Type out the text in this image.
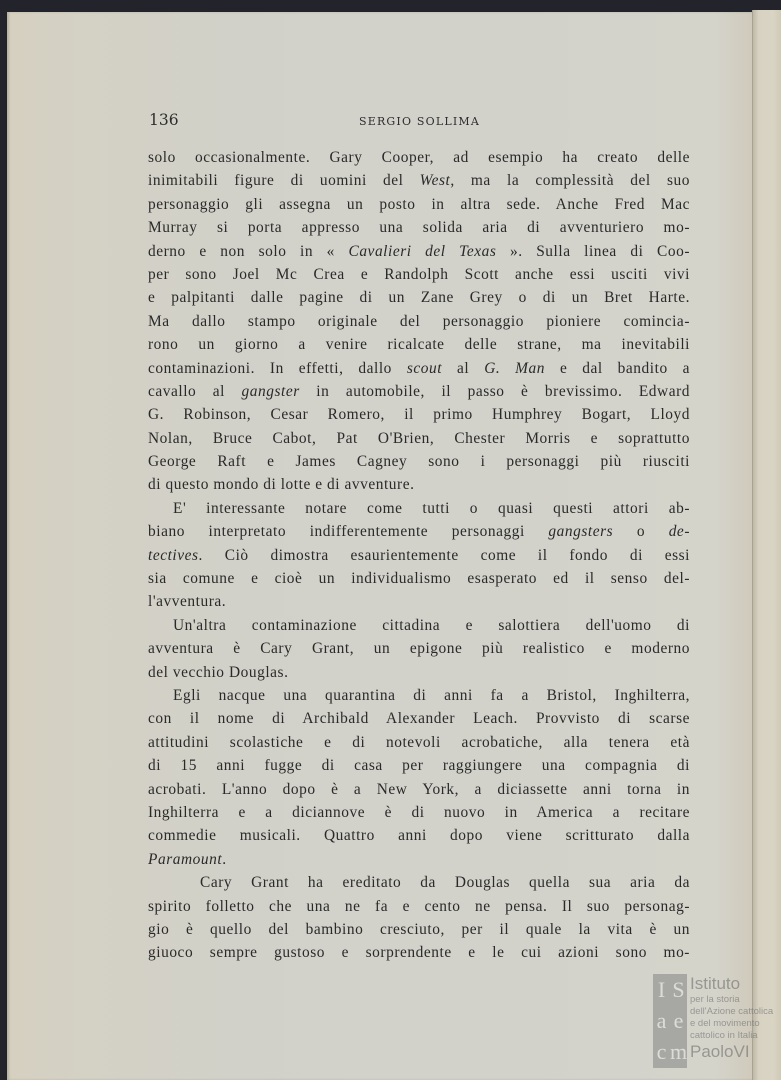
136	SERGIO SOLLIMA
solo occasionalmente. Gary Cooper, ad esempio ha creato delle
inimitabili figure di uomini del West, ma la complessità del suo
personaggio gli assegna un posto in altra sede. Anche Fred Mac
Murray si porta appresso una solida aria di avventuriero mo-
derno e non solo in « Cavalieri del Texas ». Sulla linea di Coo-
per sono Joel Mc Crea e Randolph Scott anche essi usciti vivi
e palpitanti dalle pagine di un Zane Grey o di un Bret Harte.
Ma dallo stampo originale del personaggio pioniere comincia-
rono un giorno a venire ricalcate delle strane, ma inevitabili
contaminazioni. In effetti, dallo scout al G. Man e dal bandito a
cavallo al gangster in automobile, il passo è brevissimo. Edward
G. Robinson, Cesar Romero, il primo Humphrey Bogart, Lloyd
Nolan, Bruce Cabot, Pat O'Brien, Chester Morris e soprattutto
George Raft e James Cagney sono i personaggi più riusciti
di questo mondo di lotte e di avventure.
E' interessante notare come tutti o quasi questi attori ab-
biano interpretato indifferentemente personaggi gangsters o de-
tectives. Ciò dimostra esaurientemente come il fondo di essi
sia comune e cioè un individualismo esasperato ed il senso del-
l'avventura.
Un'altra contaminazione cittadina e salottiera dell'uomo di
avventura è Cary Grant, un epigone più realistico e moderno
del vecchio Douglas.
Egli nacque una quarantina di anni fa a Bristol, Inghilterra,
con il nome di Archibald Alexander Leach. Provvisto di scarse
attitudini scolastiche e di notevoli acrobatiche, alla tenera età
di 15 anni fugge di casa per raggiungere una compagnia di
acrobati. L'anno dopo è a New York, a diciassette anni torna in
Inghilterra e a diciannove è di nuovo in America a recitare
commedie musicali. Quattro anni dopo viene scritturato dalla
Paramount.
Cary Grant ha ereditato da Douglas quella sua aria da
spirito folletto che una ne fa e cento ne pensa. Il suo personag-
gio è quello del bambino cresciuto, per il quale la vita è un
giuoco sempre gustoso e sorprendente e le cui azioni sono mo-
I S
a e
c m
Istituto
per la storia
dell'Azione cattolica
e del movimento
cattolico in Italia
PaoloVI
